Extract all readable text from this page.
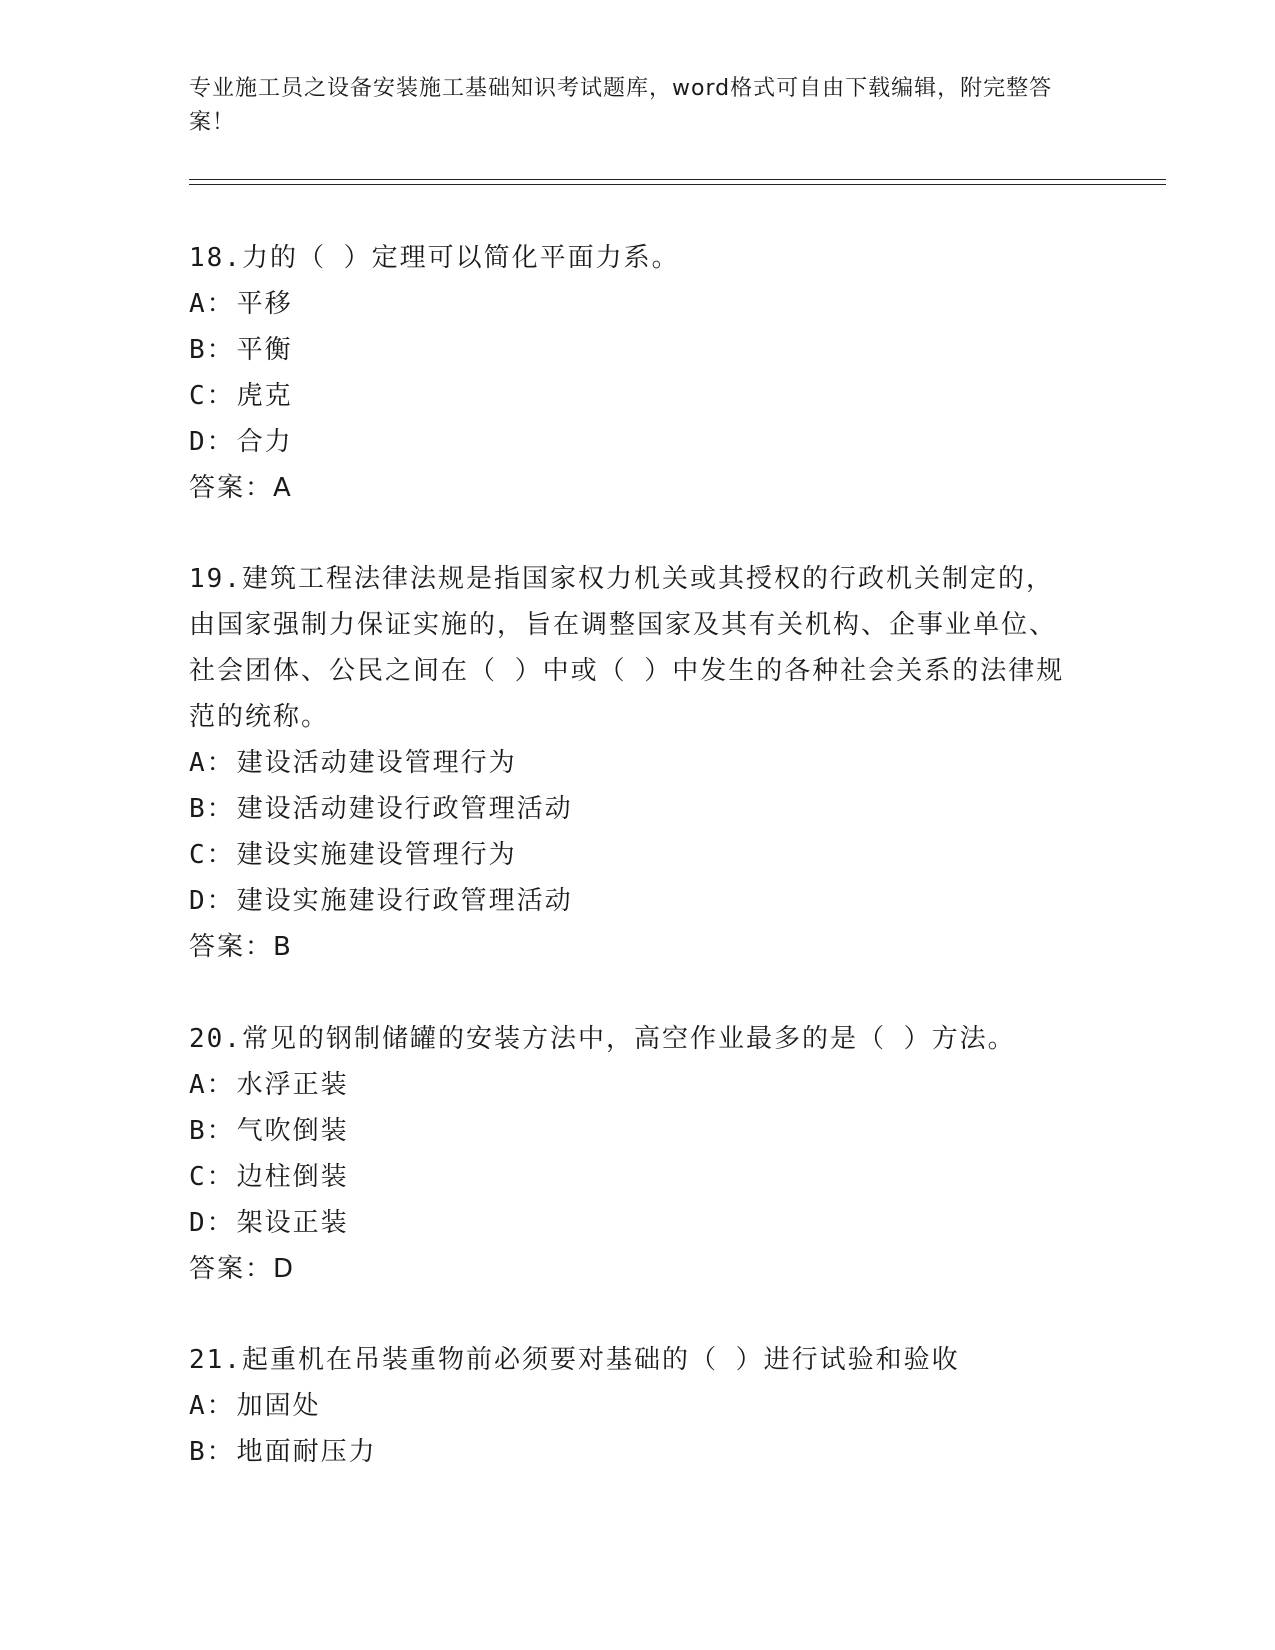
专业施工员之设备安装施工基础知识考试题库，word格式可自由下载编辑，附完整答案！

18.力的（ ）定理可以简化平面力系。

A：平移

B：平衡

C：虎克

D：合力

答案：A

19.建筑工程法律法规是指国家权力机关或其授权的行政机关制定的，由国家强制力保证实施的，旨在调整国家及其有关机构、企事业单位、社会团体、公民之间在（ ）中或（ ）中发生的各种社会关系的法律规范的统称。

A：建设活动建设管理行为

B：建设活动建设行政管理活动

C：建设实施建设管理行为

D：建设实施建设行政管理活动

答案：B

20.常见的钢制储罐的安装方法中，高空作业最多的是（ ）方法。

A：水浮正装

B：气吹倒装

C：边柱倒装

D：架设正装

答案：D

21.起重机在吊装重物前必须要对基础的（ ）进行试验和验收

A：加固处

B：地面耐压力
